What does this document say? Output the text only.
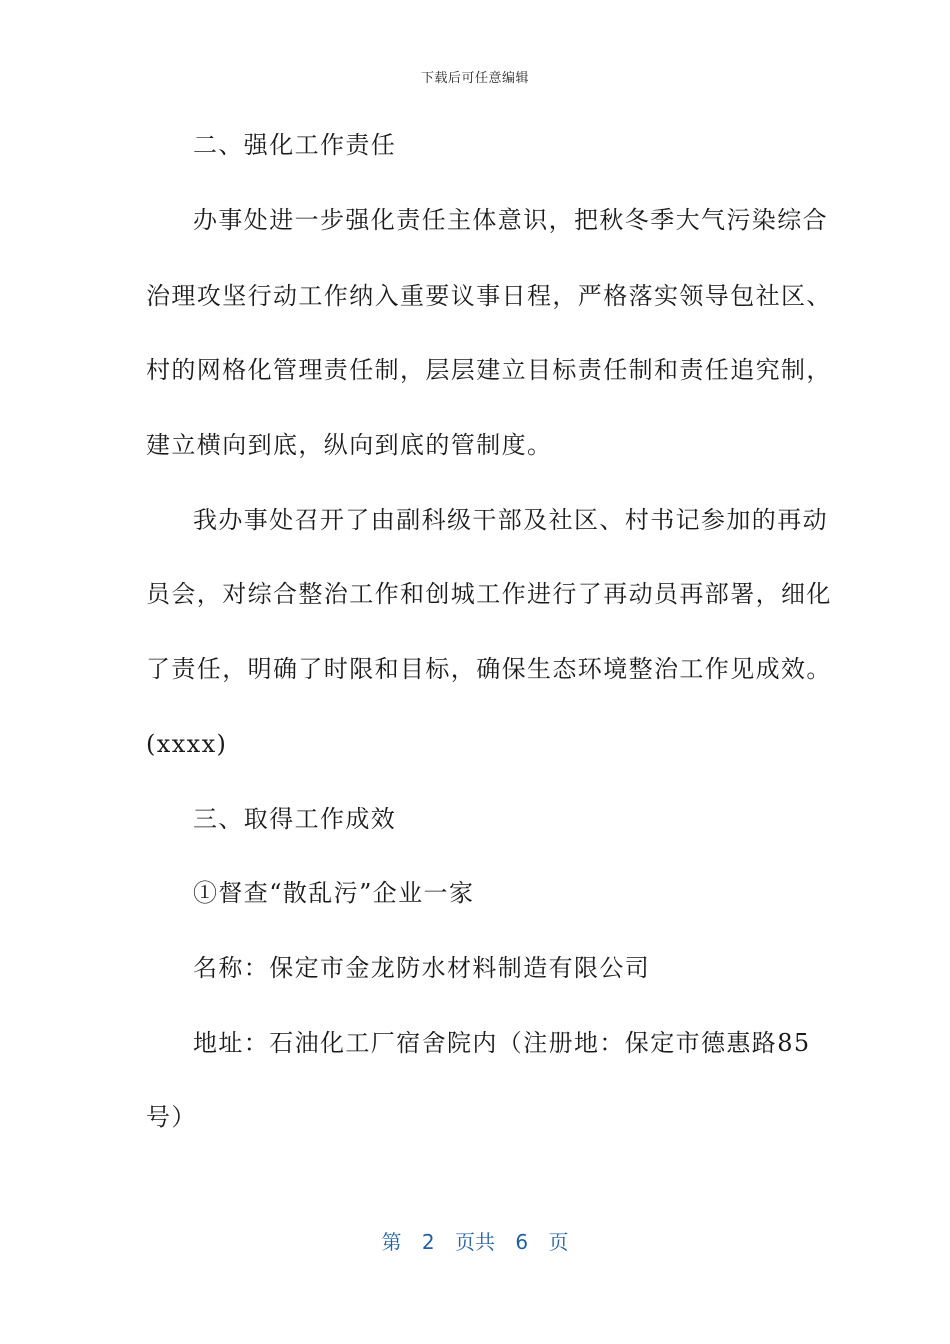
下载后可任意编辑
二、强化工作责任
办事处进一步强化责任主体意识，把秋冬季大气污染综合
治理攻坚行动工作纳入重要议事日程，严格落实领导包社区、
村的网格化管理责任制，层层建立目标责任制和责任追究制，
建立横向到底，纵向到底的管制度。
我办事处召开了由副科级干部及社区、村书记参加的再动
员会，对综合整治工作和创城工作进行了再动员再部署，细化
了责任，明确了时限和目标，确保生态环境整治工作见成效。
(xxxx)
三、取得工作成效
①督查“散乱污”企业一家
名称：保定市金龙防水材料制造有限公司
地址：石油化工厂宿舍院内（注册地：保定市德惠路85
号）
第 2 页共 6 页
